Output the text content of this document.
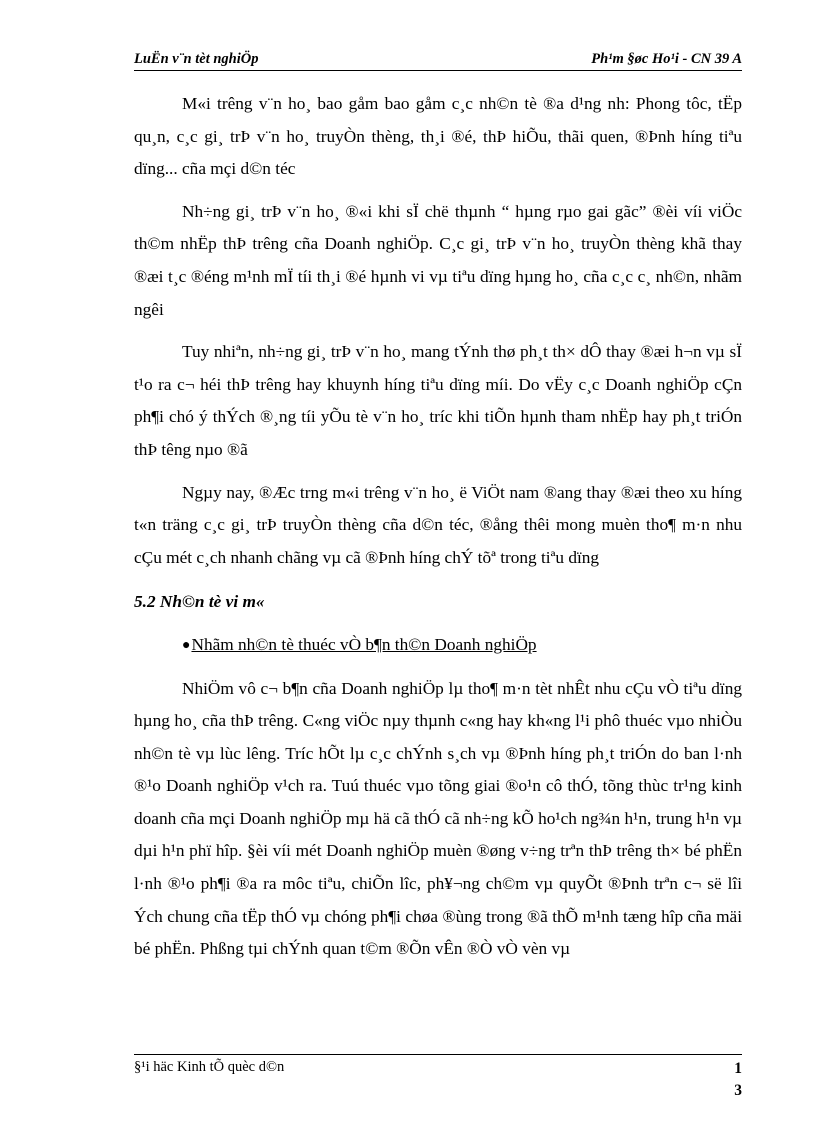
LuËn v¨n tèt nghiÖp	Ph¹m §øc Ho¹i - CN 39 A

M«i trêng v¨n ho¸ bao gåm bao gåm c¸c nh©n tè ®a d¹ng nh: Phong tôc, tËp qu¸n, c¸c gi¸ trÞ v¨n ho¸ truyÒn thèng, th¸i ®é, thÞ hiÕu, thãi quen, ®Þnh híng tiªu dïng... cña mçi d©n téc

Nh÷ng gi¸ trÞ v¨n ho¸ ®«i khi sÏ chë thµnh “ hµng rµo gai gãc” ®èi víi viÖc th©m nhËp thÞ trêng cña Doanh nghiÖp. C¸c gi¸ trÞ v¨n ho¸ truyÒn thèng khã thay ®æi t¸c ®éng m¹nh mÏ tíi th¸i ®é hµnh vi vµ tiªu dïng hµng ho¸ cña c¸c c¸ nh©n, nhãm ngêi

Tuy nhiªn, nh÷ng gi¸ trÞ v¨n ho¸ mang tÝnh thø ph¸t th× dÔ thay ®æi h¬n vµ sÏ t¹o ra c¬ héi thÞ trêng hay khuynh híng tiªu dïng míi. Do vËy c¸c Doanh nghiÖp cÇn ph¶i chó ý thÝch ®¸ng tíi yÕu tè v¨n ho¸ tríc khi tiÕn hµnh tham nhËp hay ph¸t triÓn thÞ têng nµo ®ã

Ngµy nay, ®Æc trng m«i trêng v¨n ho¸ ë ViÖt nam ®ang thay ®æi theo xu híng t«n träng c¸c gi¸ trÞ truyÒn thèng cña d©n téc, ®ång thêi mong muèn tho¶ m·n nhu cÇu mét c¸ch nhanh chãng vµ cã ®Þnh híng chÝ tõª trong tiªu dïng

5.2 Nh©n tè vi m«

●Nhãm nh©n tè thuéc vÒ b¶n th©n Doanh nghiÖp

NhiÖm vô c¬ b¶n cña Doanh nghiÖp lµ tho¶ m·n tèt nhÊt nhu cÇu vÒ tiªu dïng hµng ho¸ cña thÞ trêng. C«ng viÖc nµy thµnh c«ng hay kh«ng l¹i phô thuéc vµo nhiÒu nh©n tè vµ lùc lêng. Tríc hÕt lµ c¸c chÝnh s¸ch vµ ®Þnh híng ph¸t triÓn do ban l·nh ®¹o Doanh nghiÖp v¹ch ra. Tuú thuéc vµo tõng giai ®o¹n cô thÓ, tõng thùc tr¹ng kinh doanh cña mçi Doanh nghiÖp mµ hä cã thÓ cã nh÷ng kÕ ho¹ch ng¾n h¹n, trung h¹n vµ dµi h¹n phï hîp. §èi víi mét Doanh nghiÖp muèn ®øng v÷ng trªn thÞ trêng th× bé phËn l·nh ®¹o ph¶i ®a ra môc tiªu, chiÕn lîc, ph¥¬ng ch©m vµ quyÕt ®Þnh trªn c¬ së lîi Ých chung cña tËp thÓ vµ chóng ph¶i chøa ®ùng trong ®ã thÕ m¹nh tæng hîp cña mäi bé phËn. Phßng tµi chÝnh quan t©m ®Õn vÊn ®Ò vÒ vèn vµ

§¹i häc Kinh tÕ quèc d©n	1
3
